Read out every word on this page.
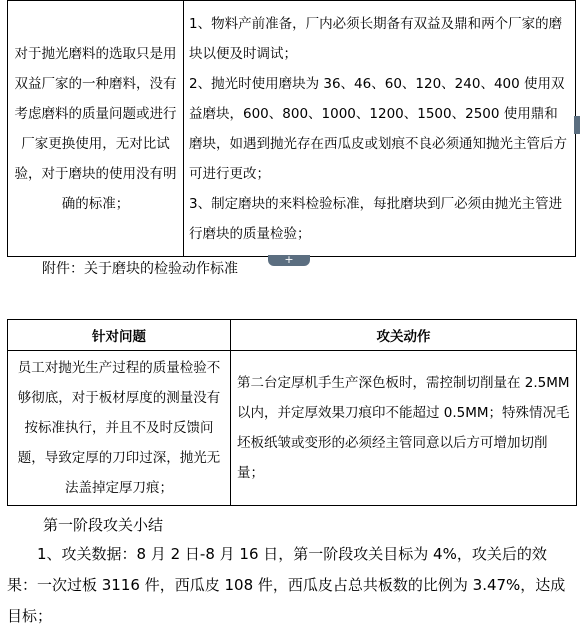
对于抛光磨料的选取只是用双益厂家的一种磨料，没有考虑磨料的质量问题或进行厂家更换使用，无对比试验，对于磨块的使用没有明确的标准；	

1、物料产前准备，厂内必须长期备有双益及鼎和两个厂家的磨块以便及时调试；

2、抛光时使用磨块为 36、46、60、120、240、400 使用双益磨块，600、800、1000、1200、1500、2500 使用鼎和磨块，如遇到抛光存在西瓜皮或划痕不良必须通知抛光主管后方可进行更改；

3、制定磨块的来料检验标准，每批磨块到厂必须由抛光主管进行磨块的质量检验；

+
附件：关于磨块的检验动作标准
针对问题	攻关动作
员工对抛光生产过程的质量检验不够彻底，对于板材厚度的测量没有按标准执行，并且不及时反馈问题，导致定厚的刀印过深，抛光无法盖掉定厚刀痕；	第二台定厚机手生产深色板时，需控制切削量在 2.5MM 以内，并定厚效果刀痕印不能超过 0.5MM；特殊情况毛坯板纸皱或变形的必须经主管同意以后方可增加切削量；
第一阶段攻关小结

1、攻关数据：8 月 2 日-8 月 16 日，第一阶段攻关目标为 4%，攻关后的效果：一次过板 3116 件，西瓜皮 108 件，西瓜皮占总共板数的比例为 3.47%，达成目标；
